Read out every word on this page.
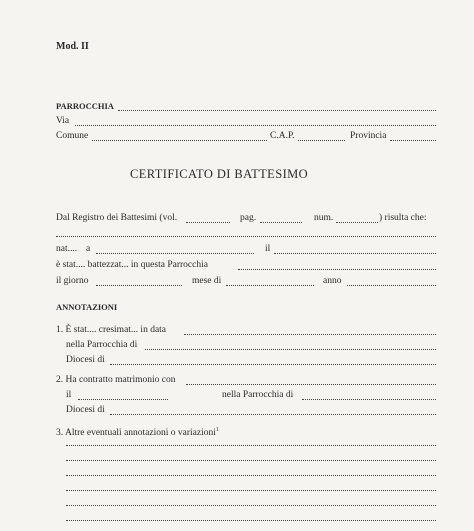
Mod. II
PARROCCHIA
Via
Comune	C.A.P.	Provincia
CERTIFICATO DI BATTESIMO
Dal Registro dei Battesimi (vol.	pag.	num.	) risulta che:
nat.... a	il
è stat.... battezzat... in questa Parrocchia
il giorno	mese di	anno
ANNOTAZIONI
1. È stat.... cresimat... in data
nella Parrocchia di
Diocesi di
2. Ha contratto matrimonio con
il	nella Parrocchia di
Diocesi di
3. Altre eventuali annotazioni o variazioni$^1$
